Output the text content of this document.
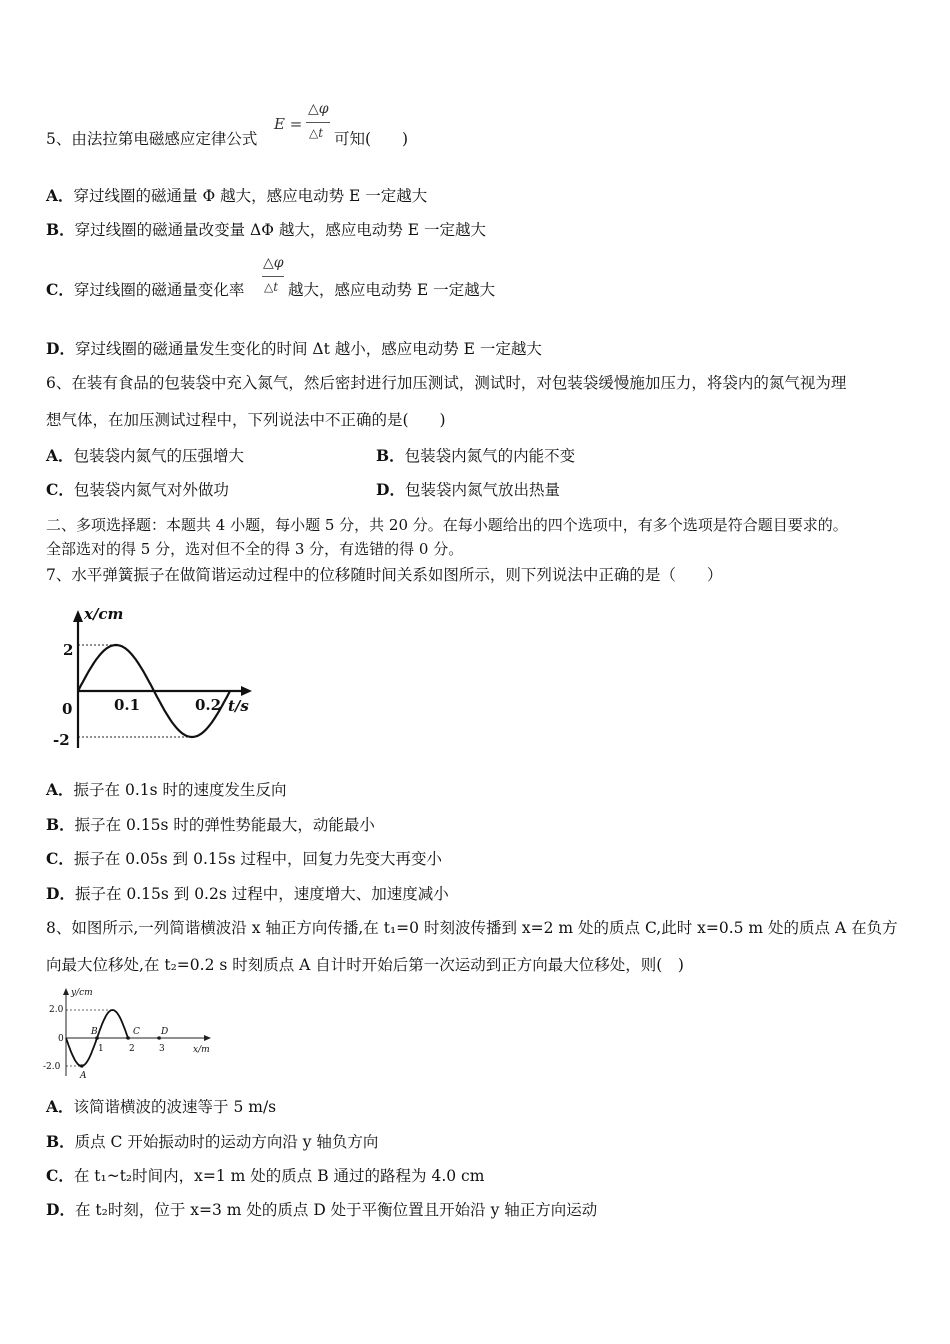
5、由法拉第电磁感应定律公式
E =
△φ
△t 可知(　　)
A．穿过线圈的磁通量 Φ 越大，感应电动势 E 一定越大
B．穿过线圈的磁通量改变量 ΔΦ 越大，感应电动势 E 一定越大
C．穿过线圈的磁通量变化率
△φ
△t 越大，感应电动势 E 一定越大
D．穿过线圈的磁通量发生变化的时间 Δt 越小，感应电动势 E 一定越大
6、在装有食品的包装袋中充入氮气，然后密封进行加压测试，测试时，对包装袋缓慢施加压力，将袋内的氮气视为理
想气体，在加压测试过程中，下列说法中不正确的是(　　)
A．包装袋内氮气的压强增大	B．包装袋内氮气的内能不变
C．包装袋内氮气对外做功	D．包装袋内氮气放出热量
二、多项选择题：本题共 4 小题，每小题 5 分，共 20 分。在每小题给出的四个选项中，有多个选项是符合题目要求的。
全部选对的得 5 分，选对但不全的得 3 分，有选错的得 0 分。
7、水平弹簧振子在做简谐运动过程中的位移随时间关系如图所示，则下列说法中正确的是（　　）
x/cm
t/s
2
-2
0	0.1	0.2
A．振子在 0.1s 时的速度发生反向
B．振子在 0.15s 时的弹性势能最大，动能最小
C．振子在 0.05s 到 0.15s 过程中，回复力先变大再变小
D．振子在 0.15s 到 0.2s 过程中，速度增大、加速度减小
8、如图所示,一列简谐横波沿 x 轴正方向传播,在 t₁=0 时刻波传播到 x=2 m 处的质点 C,此时 x=0.5 m 处的质点 A 在负方
向最大位移处,在 t₂=0.2 s 时刻质点 A 自计时开始后第一次运动到正方向最大位移处，则(　)
y/cm
x/m
2.0
-2.0
0
1	2	3
A
B	C D
A．该简谐横波的波速等于 5 m/s
B．质点 C 开始振动时的运动方向沿 y 轴负方向
C．在 t₁~t₂时间内，x=1 m 处的质点 B 通过的路程为 4.0 cm
D．在 t₂时刻，位于 x=3 m 处的质点 D 处于平衡位置且开始沿 y 轴正方向运动
